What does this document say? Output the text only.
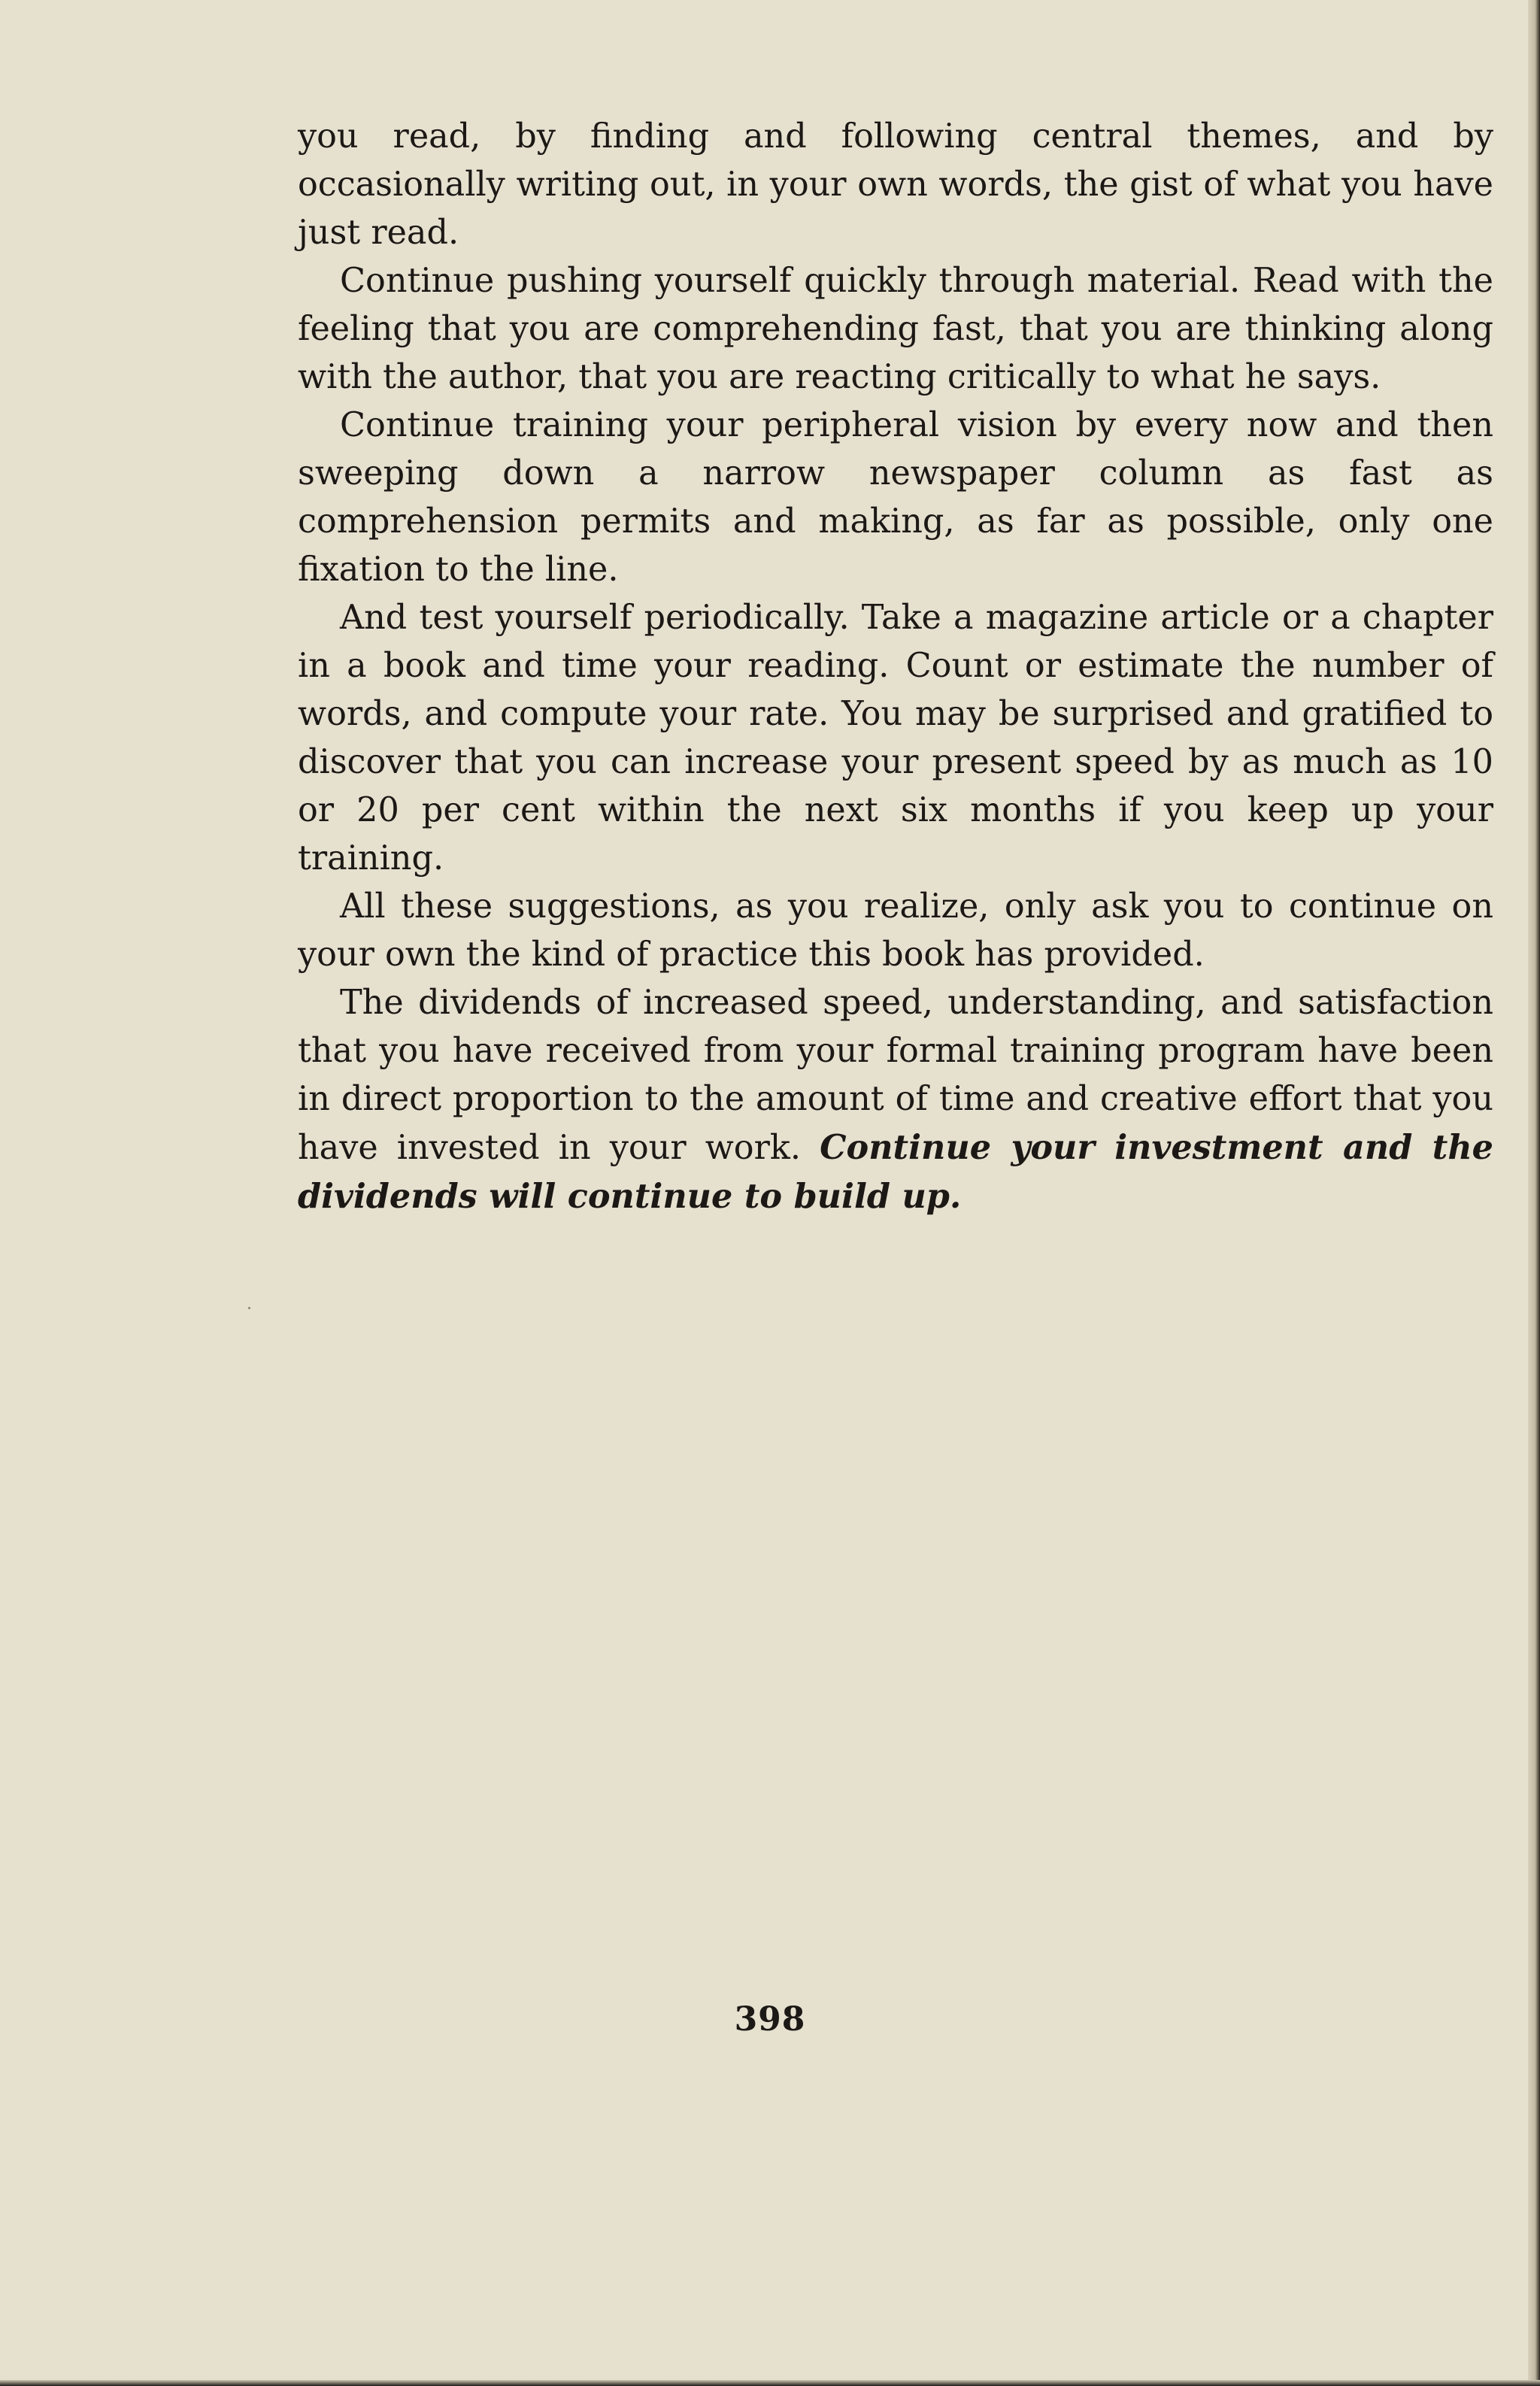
you read, by finding and following central themes, and by occasionally writing out, in your own words, the gist of what you have just read.

Continue pushing yourself quickly through material. Read with the feeling that you are comprehending fast, that you are thinking along with the author, that you are reacting critically to what he says.

Continue training your peripheral vision by every now and then sweeping down a narrow newspaper column as fast as comprehension permits and making, as far as possible, only one fixation to the line.

And test yourself periodically. Take a magazine article or a chapter in a book and time your reading. Count or estimate the number of words, and compute your rate. You may be surprised and gratified to discover that you can increase your present speed by as much as 10 or 20 per cent within the next six months if you keep up your training.

All these suggestions, as you realize, only ask you to continue on your own the kind of practice this book has provided.

The dividends of increased speed, understanding, and satisfaction that you have received from your formal training program have been in direct proportion to the amount of time and creative effort that you have invested in your work. Continue your investment and the dividends will continue to build up.

398
